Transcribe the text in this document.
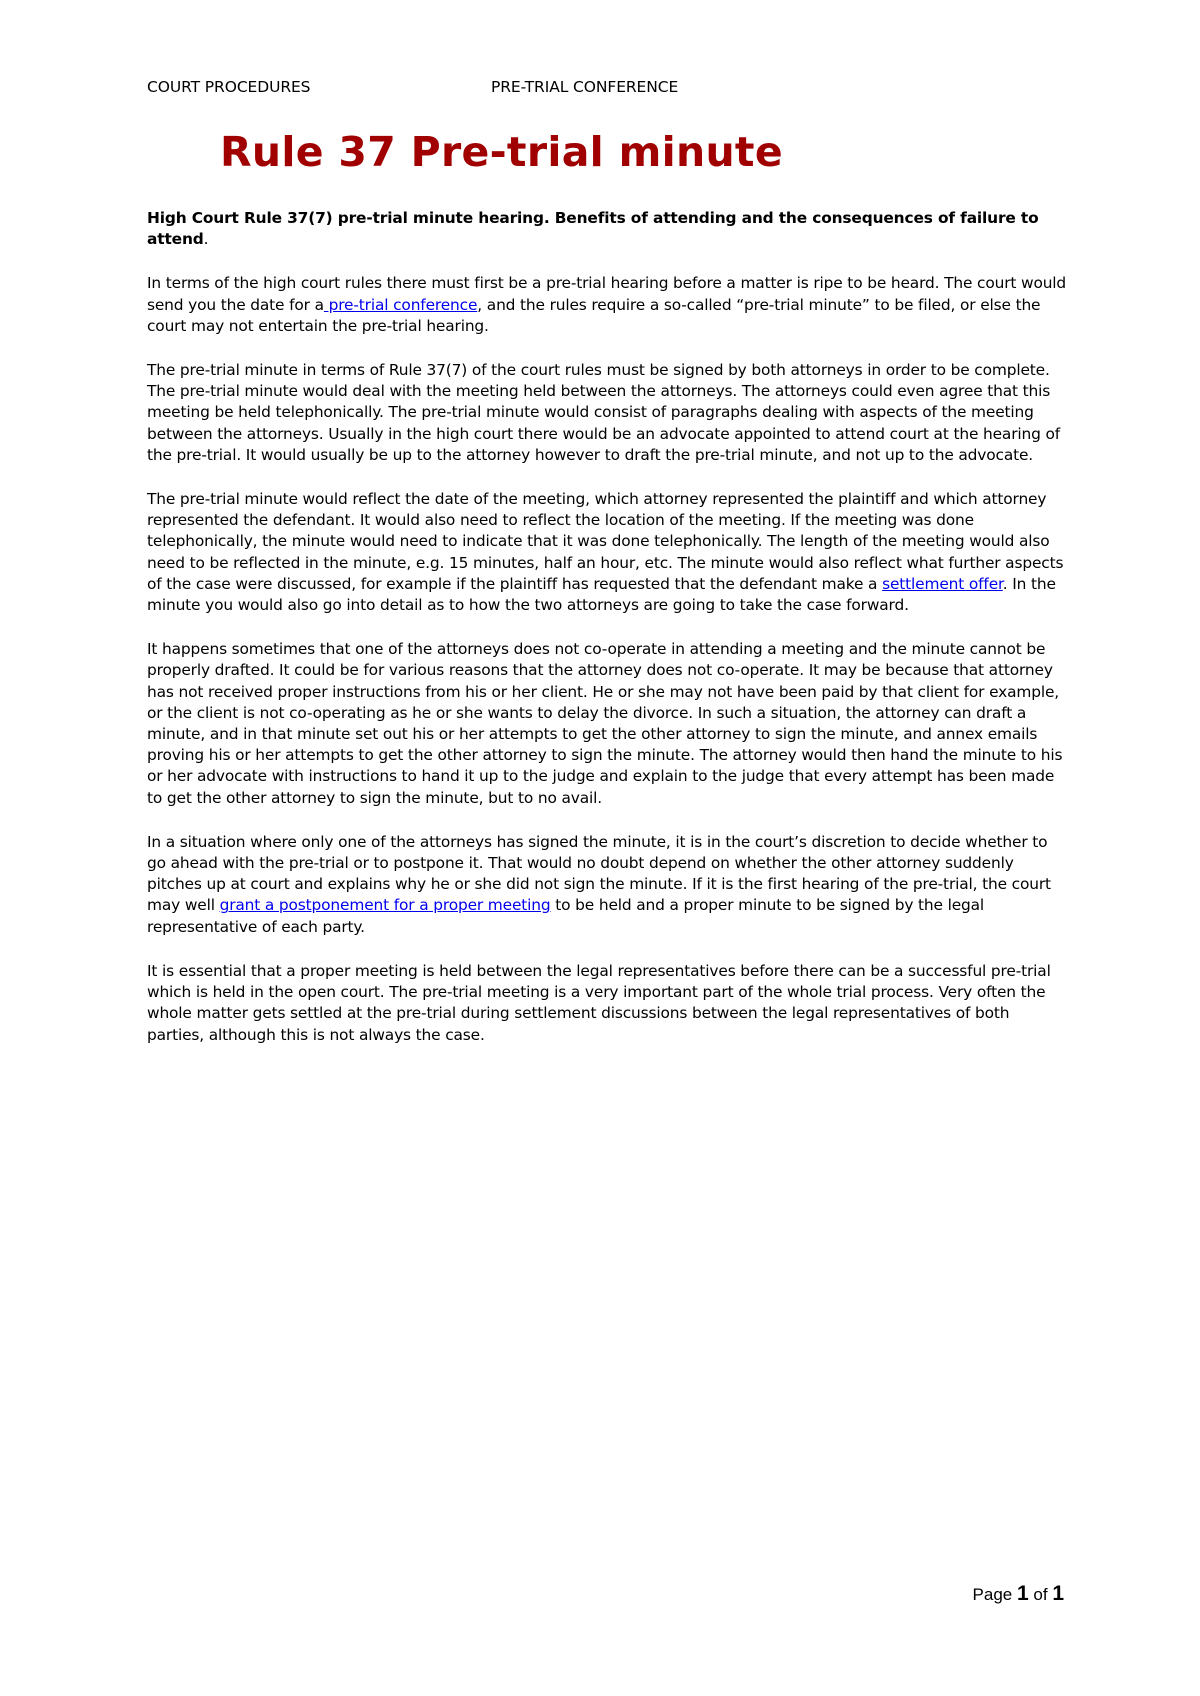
COURT PROCEDURES	PRE-TRIAL CONFERENCE
Rule 37 Pre-trial minute

High Court Rule 37(7) pre-trial minute hearing. Benefits of attending and the consequences of failure to attend.

In terms of the high court rules there must first be a pre-trial hearing before a matter is ripe to be heard. The court would send you the date for a pre-trial conference, and the rules require a so-called “pre-trial minute” to be filed, or else the court may not entertain the pre-trial hearing.

The pre-trial minute in terms of Rule 37(7) of the court rules must be signed by both attorneys in order to be complete. The pre-trial minute would deal with the meeting held between the attorneys. The attorneys could even agree that this meeting be held telephonically. The pre-trial minute would consist of paragraphs dealing with aspects of the meeting between the attorneys. Usually in the high court there would be an advocate appointed to attend court at the hearing of the pre-trial. It would usually be up to the attorney however to draft the pre-trial minute, and not up to the advocate.

The pre-trial minute would reflect the date of the meeting, which attorney represented the plaintiff and which attorney represented the defendant. It would also need to reflect the location of the meeting. If the meeting was done telephonically, the minute would need to indicate that it was done telephonically. The length of the meeting would also need to be reflected in the minute, e.g. 15 minutes, half an hour, etc. The minute would also reflect what further aspects of the case were discussed, for example if the plaintiff has requested that the defendant make a settlement offer. In the minute you would also go into detail as to how the two attorneys are going to take the case forward.

It happens sometimes that one of the attorneys does not co-operate in attending a meeting and the minute cannot be properly drafted. It could be for various reasons that the attorney does not co-operate. It may be because that attorney has not received proper instructions from his or her client. He or she may not have been paid by that client for example, or the client is not co-operating as he or she wants to delay the divorce. In such a situation, the attorney can draft a minute, and in that minute set out his or her attempts to get the other attorney to sign the minute, and annex emails proving his or her attempts to get the other attorney to sign the minute. The attorney would then hand the minute to his or her advocate with instructions to hand it up to the judge and explain to the judge that every attempt has been made to get the other attorney to sign the minute, but to no avail.

In a situation where only one of the attorneys has signed the minute, it is in the court’s discretion to decide whether to go ahead with the pre-trial or to postpone it. That would no doubt depend on whether the other attorney suddenly pitches up at court and explains why he or she did not sign the minute. If it is the first hearing of the pre-trial, the court may well grant a postponement for a proper meeting to be held and a proper minute to be signed by the legal representative of each party.

It is essential that a proper meeting is held between the legal representatives before there can be a successful pre-trial which is held in the open court. The pre-trial meeting is a very important part of the whole trial process. Very often the whole matter gets settled at the pre-trial during settlement discussions between the legal representatives of both parties, although this is not always the case.

Page 1 of 1
